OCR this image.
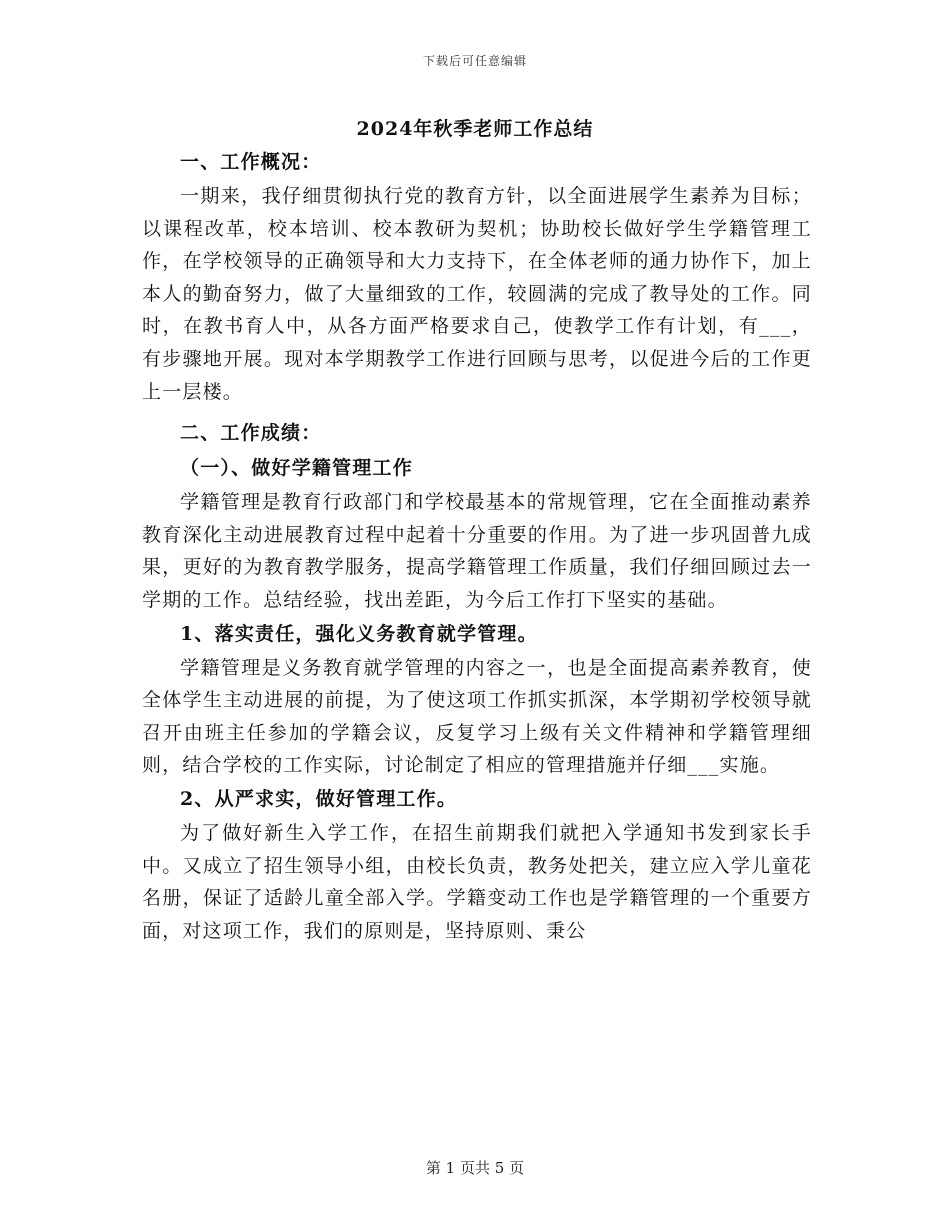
下载后可任意编辑
2024年秋季老师工作总结

一、工作概况：

一期来，我仔细贯彻执行党的教育方针，以全面进展学生素养为目标；以课程改革，校本培训、校本教研为契机；协助校长做好学生学籍管理工作，在学校领导的正确领导和大力支持下，在全体老师的通力协作下，加上本人的勤奋努力，做了大量细致的工作，较圆满的完成了教导处的工作。同时，在教书育人中，从各方面严格要求自己，使教学工作有计划，有___，有步骤地开展。现对本学期教学工作进行回顾与思考，以促进今后的工作更上一层楼。

二、工作成绩：

（一）、做好学籍管理工作

学籍管理是教育行政部门和学校最基本的常规管理，它在全面推动素养教育深化主动进展教育过程中起着十分重要的作用。为了进一步巩固普九成果，更好的为教育教学服务，提高学籍管理工作质量，我们仔细回顾过去一学期的工作。总结经验，找出差距，为今后工作打下坚实的基础。

1、落实责任，强化义务教育就学管理。

学籍管理是义务教育就学管理的内容之一，也是全面提高素养教育，使全体学生主动进展的前提，为了使这项工作抓实抓深，本学期初学校领导就召开由班主任参加的学籍会议，反复学习上级有关文件精神和学籍管理细则，结合学校的工作实际，讨论制定了相应的管理措施并仔细___实施。

2、从严求实，做好管理工作。

为了做好新生入学工作，在招生前期我们就把入学通知书发到家长手中。又成立了招生领导小组，由校长负责，教务处把关，建立应入学儿童花名册，保证了适龄儿童全部入学。学籍变动工作也是学籍管理的一个重要方面，对这项工作，我们的原则是，坚持原则、秉公

第 1 页共 5 页
